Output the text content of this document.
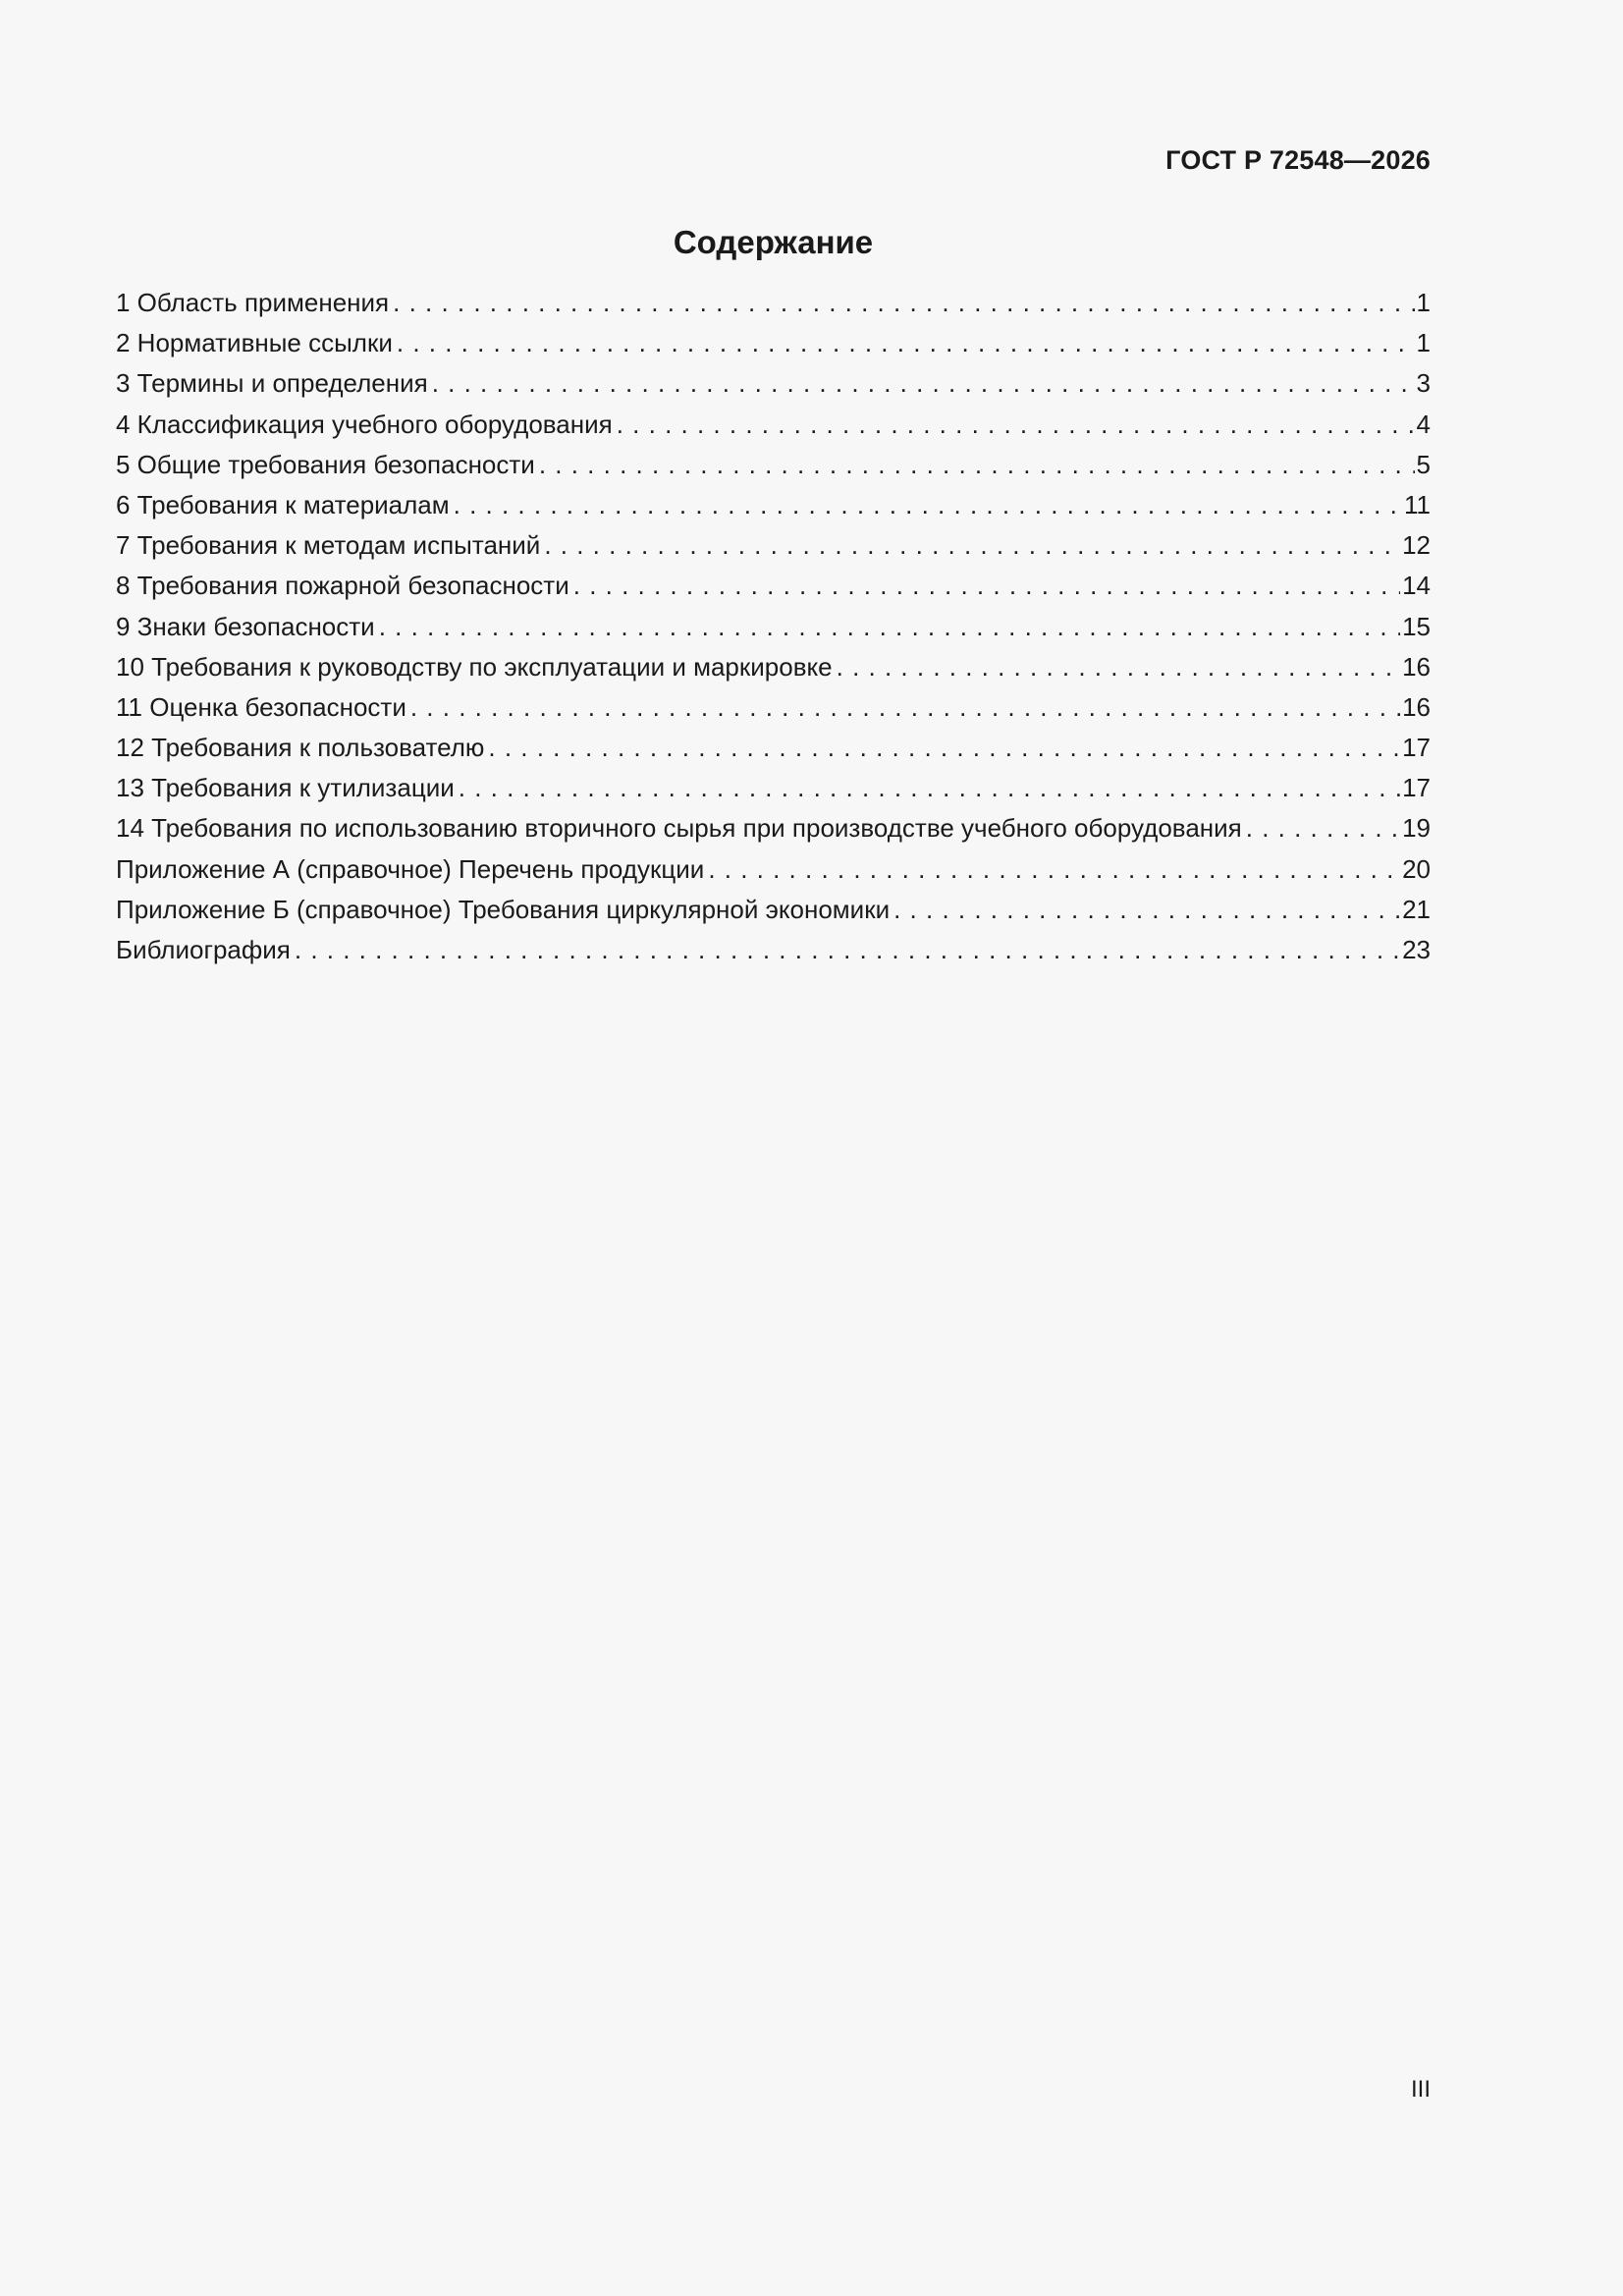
ГОСТ Р 72548—2026
Содержание
1 Область применения . . .	1
2 Нормативные ссылки . . .	1
3 Термины и определения . . .	3
4 Классификация учебного оборудования . . .	4
5 Общие требования безопасности . . .	5
6 Требования к материалам . . .	11
7 Требования к методам испытаний . . .	12
8 Требования пожарной безопасности . . .	14
9 Знаки безопасности . . .	15
10 Требования к руководству по эксплуатации и маркировке . . .	16
11 Оценка безопасности . . .	16
12 Требования к пользователю . . .	17
13 Требования к утилизации . . .	17
14 Требования по использованию вторичного сырья при производстве учебного оборудования . . .	19
Приложение А (справочное) Перечень продукции . . .	20
Приложение Б (справочное) Требования циркулярной экономики . . .	21
Библиография . . .	23
III
